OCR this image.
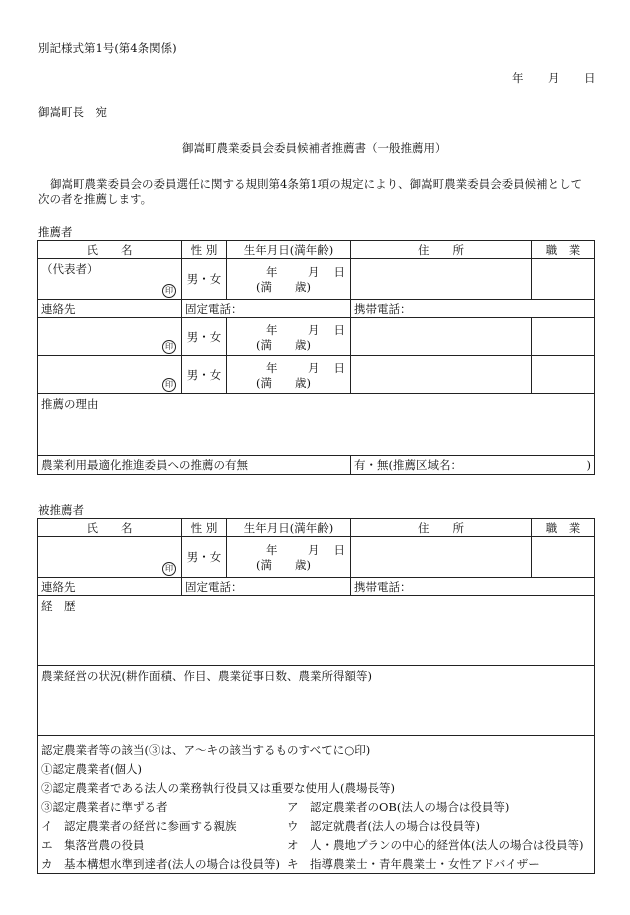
別記様式第1号(第4条関係)
年 月 日
御嵩町長　宛
御嵩町農業委員会委員候補者推薦書（一般推薦用）
御嵩町農業委員会の委員選任に関する規則第4条第1項の規定により、御嵩町農業委員会委員候補として
次の者を推薦します。
推薦者
氏　　名	性 別	生年月日(満年齢)	住　　所	職　業

（代表者）
印	男・女	年 月 日
(満　　歳)		

連絡先	固定電話：		携帯電話：	

印	男・女	年 月 日
(満　　歳)		

印	男・女	年 月 日
(満　　歳)		

推薦の理由				

農業利用最適化推進委員への推薦の有無			有・無(推薦区域名： )	
被推薦者
氏　　名	性 別	生年月日(満年齢)	住　　所	職　業

印
	男・女	年	月 日
(満　　歳)

連絡先	固定電話：	携帯電話：
経　歴

農業経営の状況(耕作面積、作目、農業従事日数、農業所得額等)

認定農業者等の該当(③は、ア～キの該当するものすべてに○印)
①認定農業者(個人)
②認定農業者である法人の業務執行役員又は重要な使用人(農場長等)
③認定農業者に準ずる者	ア　認定農業者のOB(法人の場合は役員等)
イ　認定農業者の経営に参画する親族	ウ　認定就農者(法人の場合は役員等)
エ　集落営農の役員	オ　人・農地プランの中心的経営体(法人の場合は役員等)
カ　基本構想水準到達者(法人の場合は役員等)	キ　指導農業士・青年農業士・女性アドバイザー
